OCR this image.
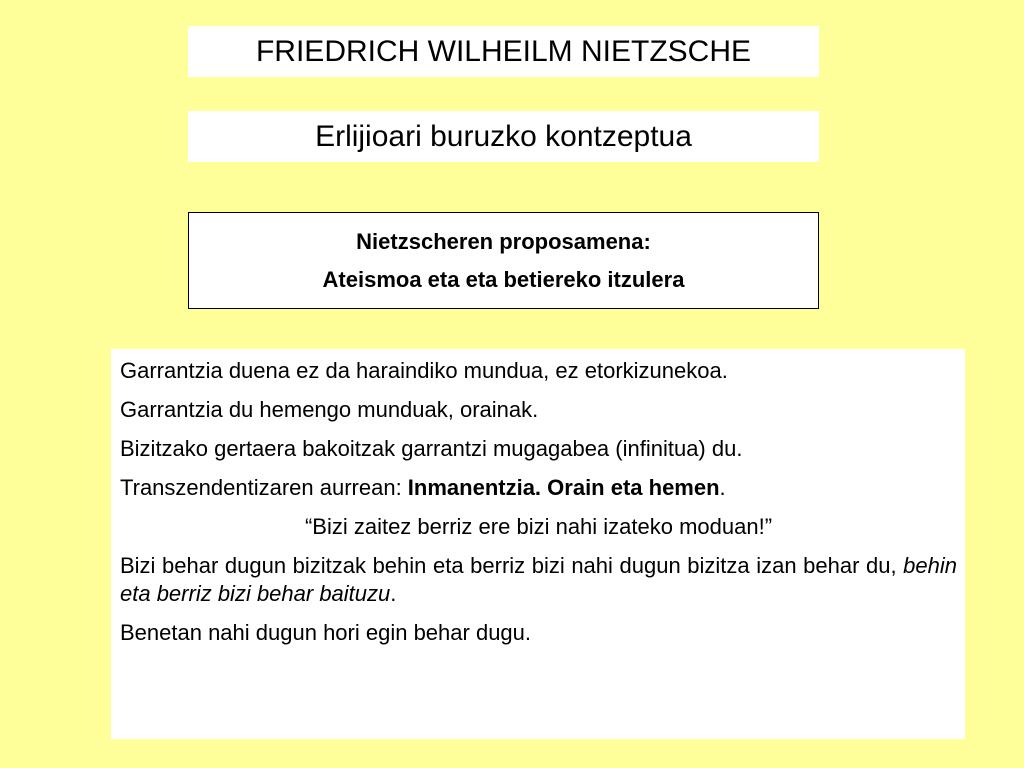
FRIEDRICH WILHEILM NIETZSCHE
Erlijioari buruzko kontzeptua
Nietzscheren proposamena:
Ateismoa eta eta betiereko itzulera

Garrantzia duena ez da haraindiko mundua, ez etorkizunekoa.

Garrantzia du hemengo munduak, orainak.

Bizitzako gertaera bakoitzak garrantzi mugagabea (infinitua) du.

Transzendentizaren aurrean: Inmanentzia. Orain eta hemen.

“Bizi zaitez berriz ere bizi nahi izateko moduan!”

Bizi behar dugun bizitzak behin eta berriz bizi nahi dugun bizitza izan behar du, behin eta berriz bizi behar baituzu.

Benetan nahi dugun hori egin behar dugu.
